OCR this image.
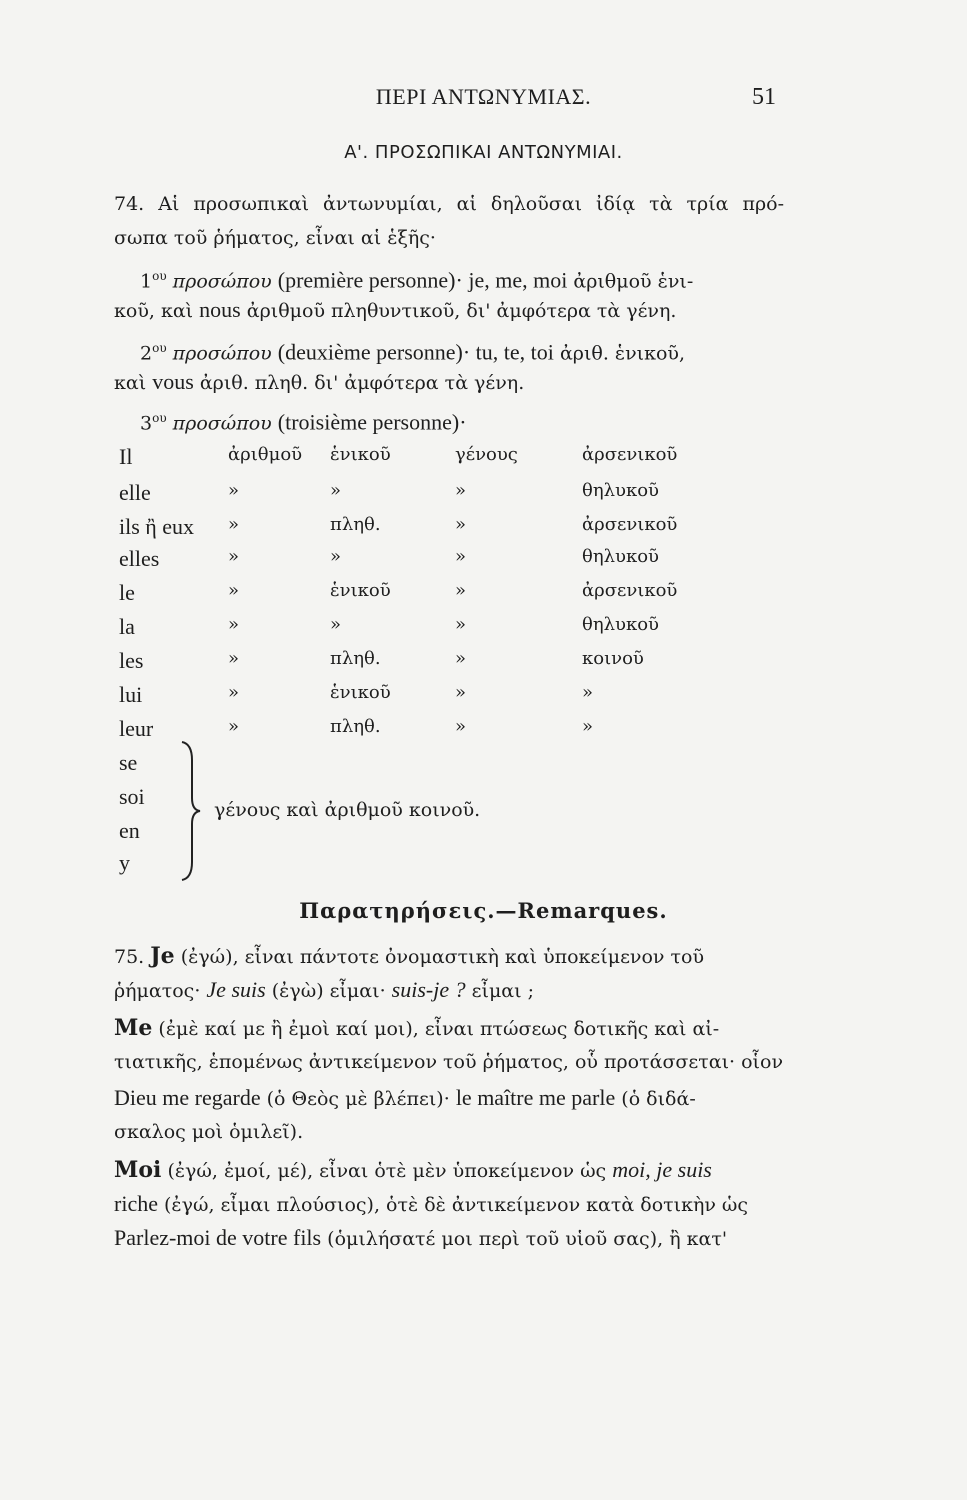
ΠΕΡΙ ΑΝΤΩΝΥΜΙΑΣ.	51
Α'. ΠΡΟΣΩΠΙΚΑΙ ΑΝΤΩΝΥΜΙΑΙ.
74. Αἱ προσωπικαὶ ἀντωνυμίαι, αἱ δηλοῦσαι ἰδίᾳ τὰ τρία πρό-
σωπα τοῦ ῥήματος, εἶναι αἱ ἑξῆς·
$1^{o\upsilon}$ προσώπου (première personne)· je, me, moi ἀριθμοῦ ἑνι-
κοῦ, καὶ nous ἀριθμοῦ πληθυντικοῦ, δι' ἀμφότερα τὰ γένη.
$2^{o\upsilon}$ προσώπου (deuxième personne)· tu, te, toi ἀριθ. ἑνικοῦ,
καὶ vous ἀριθ. πληθ. δι' ἀμφότερα τὰ γένη.
$3^{o\upsilon}$ προσώπου (troisième personne)·
Il	ἀριθμοῦ ἑνικοῦ	γένους	ἀρσενικοῦ
elle	»	»	»	θηλυκοῦ
ils ἢ eux »	πληθ.	»	ἀρσενικοῦ
elles	»	»	»	θηλυκοῦ
le	»	ἑνικοῦ	»	ἀρσενικοῦ
la	»	»	»	θηλυκοῦ
les	»	πληθ.	»	κοινοῦ
lui	»	ἑνικοῦ	»	»
leur	»	πληθ.	»	»
se
soi
en
y
γένους καὶ ἀριθμοῦ κοινοῦ.
Παρατηρήσεις.—Remarques.
75. Je (ἐγώ), εἶναι πάντοτε ὀνομαστικὴ καὶ ὑποκείμενον τοῦ
ῥήματος· Je suis (ἐγὼ) εἶμαι· suis-je ? εἶμαι ;
Me (ἐμὲ καί με ἢ ἐμοὶ καί μοι), εἶναι πτώσεως δοτικῆς καὶ αἰ-
τιατικῆς, ἑπομένως ἀντικείμενον τοῦ ῥήματος, οὗ προτάσσεται· οἷον
Dieu me regarde (ὁ Θεὸς μὲ βλέπει)· le maître me parle (ὁ διδά-
σκαλος μοὶ ὁμιλεῖ).
Moi (ἐγώ, ἐμοί, μέ), εἶναι ὁτὲ μὲν ὑποκείμενον ὡς moi, je suis
riche (ἐγώ, εἶμαι πλούσιος), ὁτὲ δὲ ἀντικείμενον κατὰ δοτικὴν ὡς
Parlez-moi de votre fils (ὁμιλήσατέ μοι περὶ τοῦ υἱοῦ σας), ἢ κατ'
